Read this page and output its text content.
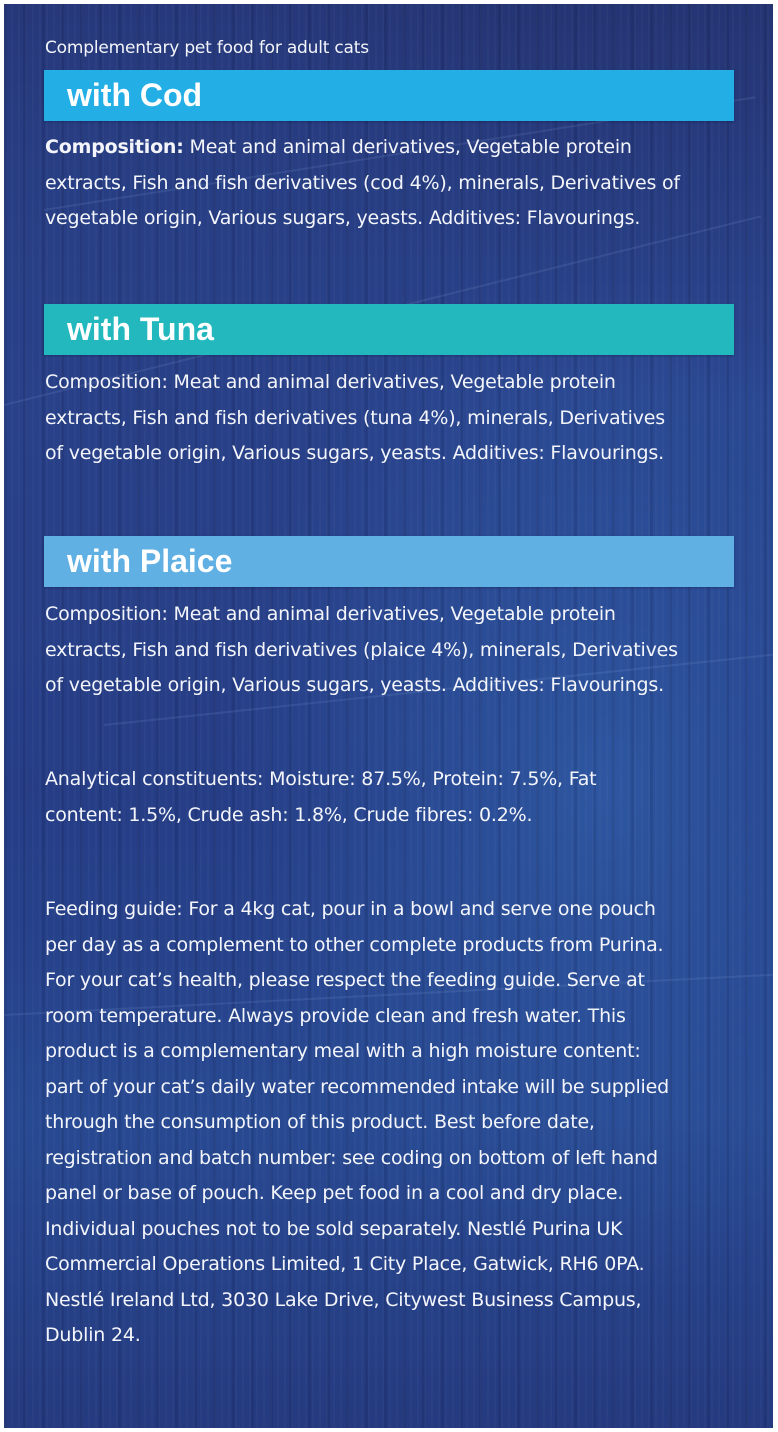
Complementary pet food for adult cats
with Cod
Composition: Meat and animal derivatives, Vegetable protein
extracts, Fish and fish derivatives (cod 4%), minerals, Derivatives of
vegetable origin, Various sugars, yeasts. Additives: Flavourings.
with Tuna
Composition: Meat and animal derivatives, Vegetable protein
extracts, Fish and fish derivatives (tuna 4%), minerals, Derivatives
of vegetable origin, Various sugars, yeasts. Additives: Flavourings.
with Plaice
Composition: Meat and animal derivatives, Vegetable protein
extracts, Fish and fish derivatives (plaice 4%), minerals, Derivatives
of vegetable origin, Various sugars, yeasts. Additives: Flavourings.
Analytical constituents: Moisture: 87.5%, Protein: 7.5%, Fat
content: 1.5%, Crude ash: 1.8%, Crude fibres: 0.2%.
Feeding guide: For a 4kg cat, pour in a bowl and serve one pouch
per day as a complement to other complete products from Purina.
For your cat’s health, please respect the feeding guide. Serve at
room temperature. Always provide clean and fresh water. This
product is a complementary meal with a high moisture content:
part of your cat’s daily water recommended intake will be supplied
through the consumption of this product. Best before date,
registration and batch number: see coding on bottom of left hand
panel or base of pouch. Keep pet food in a cool and dry place.
Individual pouches not to be sold separately. Nestlé Purina UK
Commercial Operations Limited, 1 City Place, Gatwick, RH6 0PA.
Nestlé Ireland Ltd, 3030 Lake Drive, Citywest Business Campus,
Dublin 24.
